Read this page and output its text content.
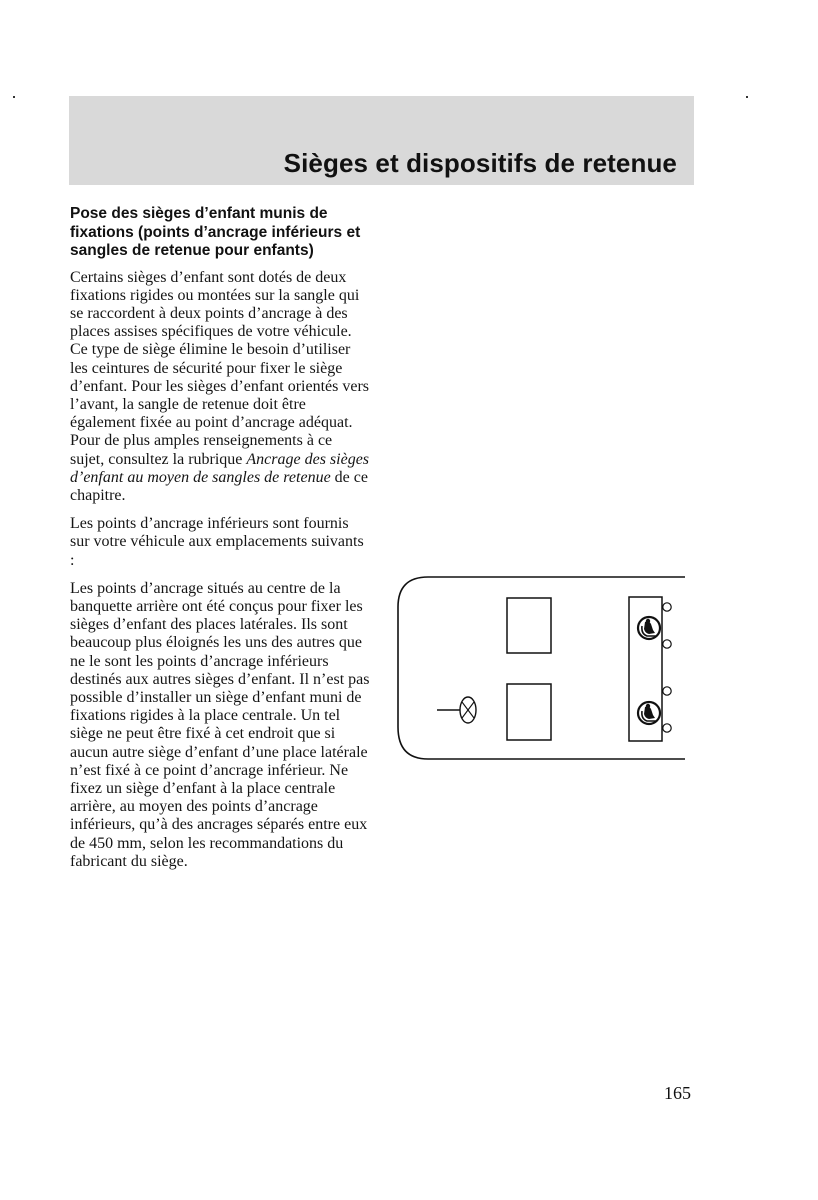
Sièges et dispositifs de retenue
Pose des sièges d’enfant munis de fixations (points d’ancrage inférieurs et sangles de retenue pour enfants)

Certains sièges d’enfant sont dotés de deux fixations rigides ou montées sur la sangle qui se raccordent à deux points d’ancrage à des places assises spécifiques de votre véhicule. Ce type de siège élimine le besoin d’utiliser les ceintures de sécurité pour fixer le siège d’enfant. Pour les sièges d’enfant orientés vers l’avant, la sangle de retenue doit être également fixée au point d’ancrage adéquat. Pour de plus amples renseignements à ce sujet, consultez la rubrique Ancrage des sièges d’enfant au moyen de sangles de retenue de ce chapitre.

Les points d’ancrage inférieurs sont fournis sur votre véhicule aux emplacements suivants :

Les points d’ancrage situés au centre de la banquette arrière ont été conçus pour fixer les sièges d’enfant des places latérales. Ils sont beaucoup plus éloignés les uns des autres que ne le sont les points d’ancrage inférieurs destinés aux autres sièges d’enfant. Il n’est pas possible d’installer un siège d’enfant muni de fixations rigides à la place centrale. Un tel siège ne peut être fixé à cet endroit que si aucun autre siège d’enfant d’une place latérale n’est fixé à ce point d’ancrage inférieur. Ne fixez un siège d’enfant à la place centrale arrière, au moyen des points d’ancrage inférieurs, qu’à des ancrages séparés entre eux de 450 mm, selon les recommandations du fabricant du siège.

165
